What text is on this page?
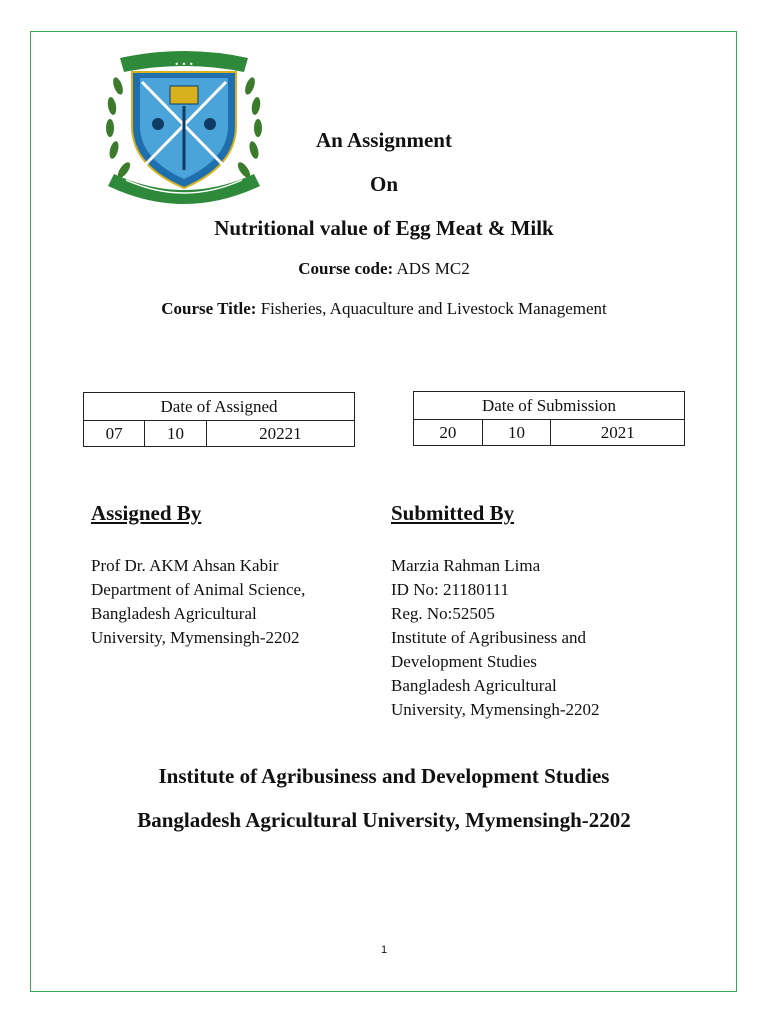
• • •
An Assignment
On
Nutritional value of Egg Meat & Milk
Course code: ADS MC2
Course Title: Fisheries, Aquaculture and Livestock Management
Date of Assigned
07	10	20221
Date of Submission
20	10	2021
Assigned By	Submitted By
Prof Dr. AKM Ahsan Kabir
Department of Animal Science,
Bangladesh Agricultural
University, Mymensingh-2202
Marzia Rahman Lima
ID No: 21180111
Reg. No:52505
Institute of Agribusiness and
Development Studies
Bangladesh Agricultural
University, Mymensingh-2202
Institute of Agribusiness and Development Studies
Bangladesh Agricultural University, Mymensingh-2202
1
